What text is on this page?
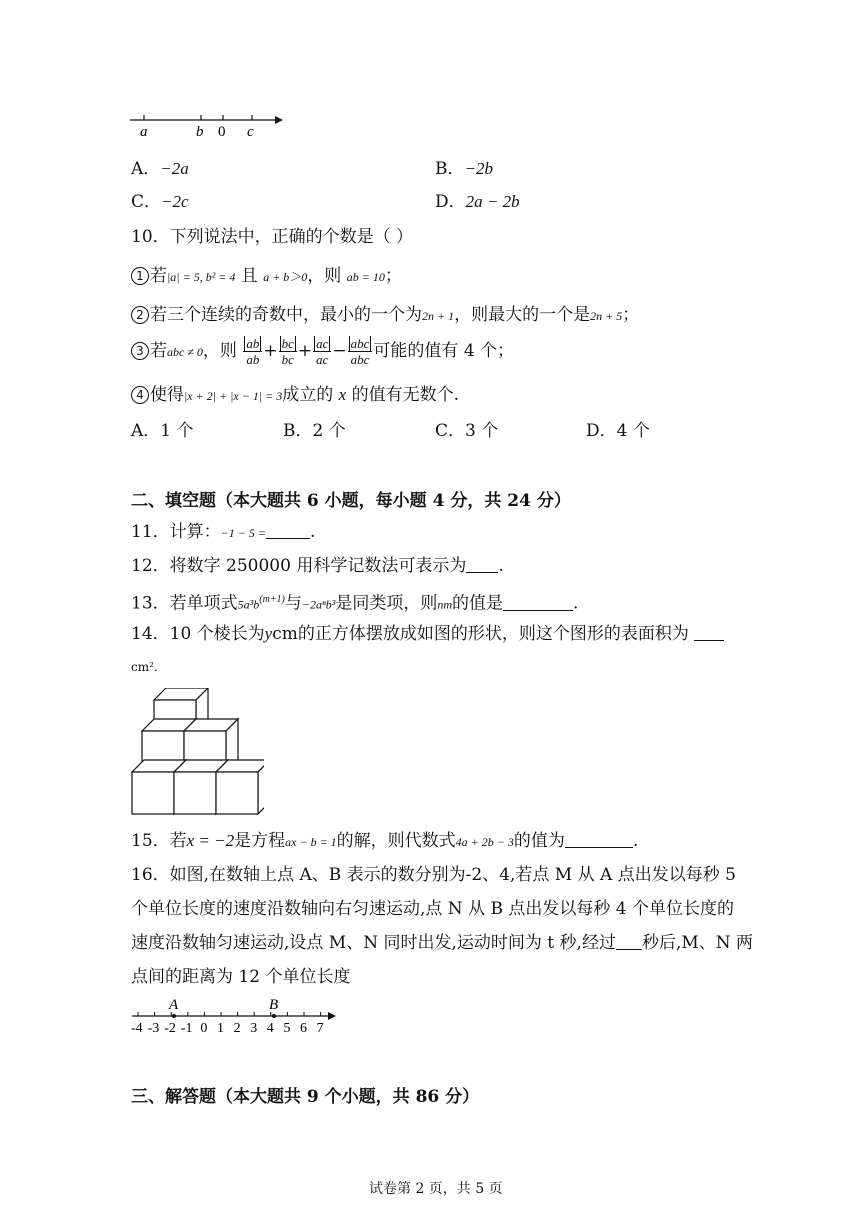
a	b 0 c
A．−2a	B．−2b
C．−2c	D．2a − 2b
10．下列说法中，正确的个数是（ ）
1 若|a| = 5, b² = 4 且 a + b＞0，则 ab = 10；
2 若三个连续的奇数中，最小的一个为2n + 1，则最大的一个是2n + 5；
3 若abc ≠ 0，则 $\frac{ab}{ab} + \frac{bc}{bc} + \frac{ac}{ac} - \frac{\text{abc}}{\text{abc}}$ 可能的值有 4 个；
4 使得|x + 2| + |x − 1| = 3成立的 x 的值有无数个.
A．1 个	B．2 个	C．3 个	D．4 个
二、填空题（本大题共 6 小题，每小题 4 分，共 24 分）
11．计算：−1 − 5 =	.
12．将数字 250000 用科学记数法可表示为 .
13．若单项式$5a^3b^{(m+1)}$与−2aⁿb³是同类项，则nm的值是	.
14．10 个棱长为ycm的正方体摆放成如图的形状，则这个图形的表面积为
cm².
15．若x = −2是方程ax − b = 1的解，则代数式4a + 2b − 3的值为	.
16．如图,在数轴上点 A、B 表示的数分别为-2、4,若点 M 从 A 点出发以每秒 5
个单位长度的速度沿数轴向右匀速运动,点 N 从 B 点出发以每秒 4 个单位长度的
速度沿数轴匀速运动,设点 M、N 同时出发,运动时间为 t 秒,经过 秒后,M、N 两
点间的距离为 12 个单位长度
A	B
-4 -3 -2 -1 0 1 2 3 4 5 6 7
三、解答题（本大题共 9 个小题，共 86 分）
试卷第 2 页，共 5 页
